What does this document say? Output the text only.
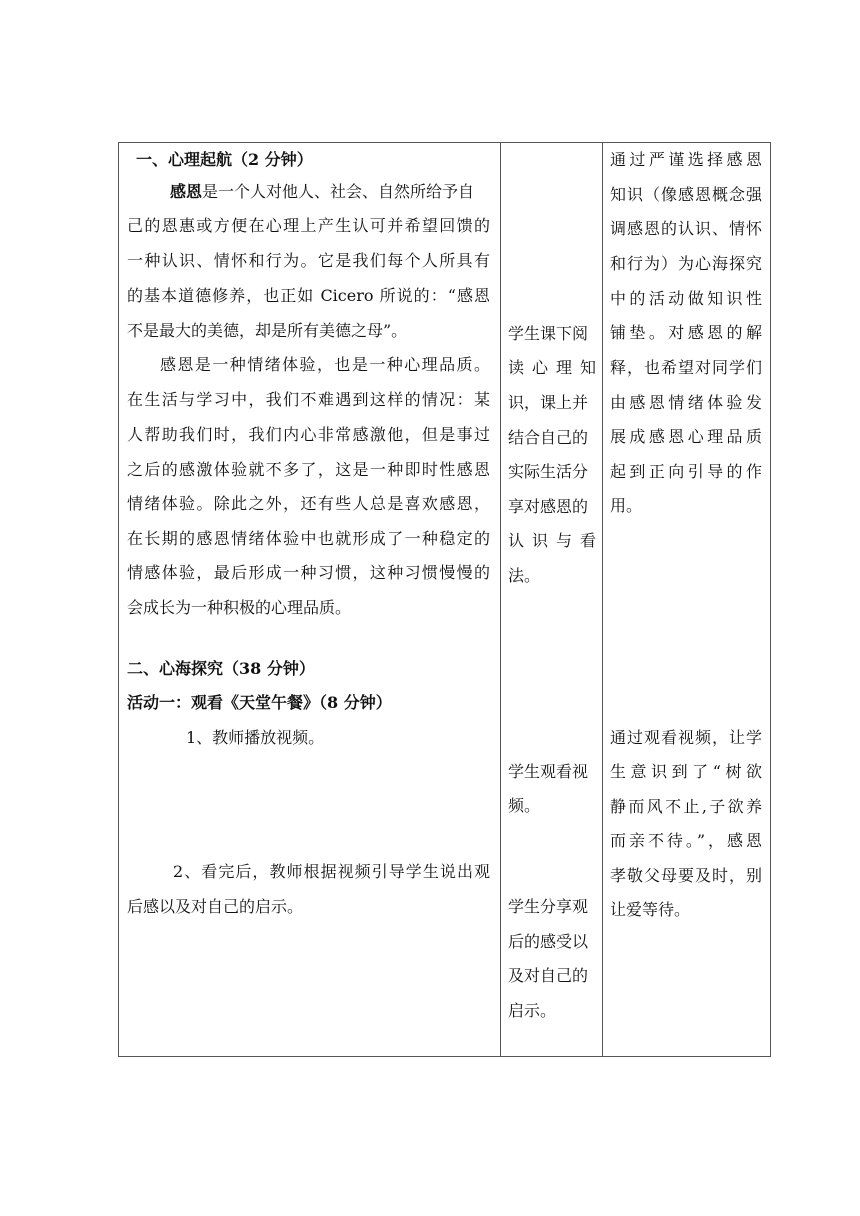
一、心理起航（2 分钟）
感恩是一个人对他人、社会、自然所给予自
己的恩惠或方便在心理上产生认可并希望回馈的
一种认识、情怀和行为。它是我们每个人所具有
的基本道德修养，也正如 Cicero 所说的：“感恩
不是最大的美德，却是所有美德之母”。
感恩是一种情绪体验，也是一种心理品质。
在生活与学习中，我们不难遇到这样的情况：某
人帮助我们时，我们内心非常感激他，但是事过
之后的感激体验就不多了，这是一种即时性感恩
情绪体验。除此之外，还有些人总是喜欢感恩，
在长期的感恩情绪体验中也就形成了一种稳定的
情感体验，最后形成一种习惯，这种习惯慢慢的
会成长为一种积极的心理品质。
二、心海探究（38 分钟）
活动一：观看《天堂午餐》（8 分钟）
1、教师播放视频。
2、看完后，教师根据视频引导学生说出观
后感以及对自己的启示。
学生课下阅
读 心 理 知
识，课上并
结合自己的
实际生活分
享对感恩的
认 识 与 看
法。
学生观看视
频。
学生分享观
后的感受以
及对自己的
启示。
通过严谨选择感恩
知识（像感恩概念强
调感恩的认识、情怀
和行为）为心海探究
中的活动做知识性
铺垫。对感恩的解
释，也希望对同学们
由感恩情绪体验发
展成感恩心理品质
起到正向引导的作
用。
通过观看视频，让学
生意识到了“树欲
静而风不止,子欲养
而亲不待。”，感恩
孝敬父母要及时，别
让爱等待。
